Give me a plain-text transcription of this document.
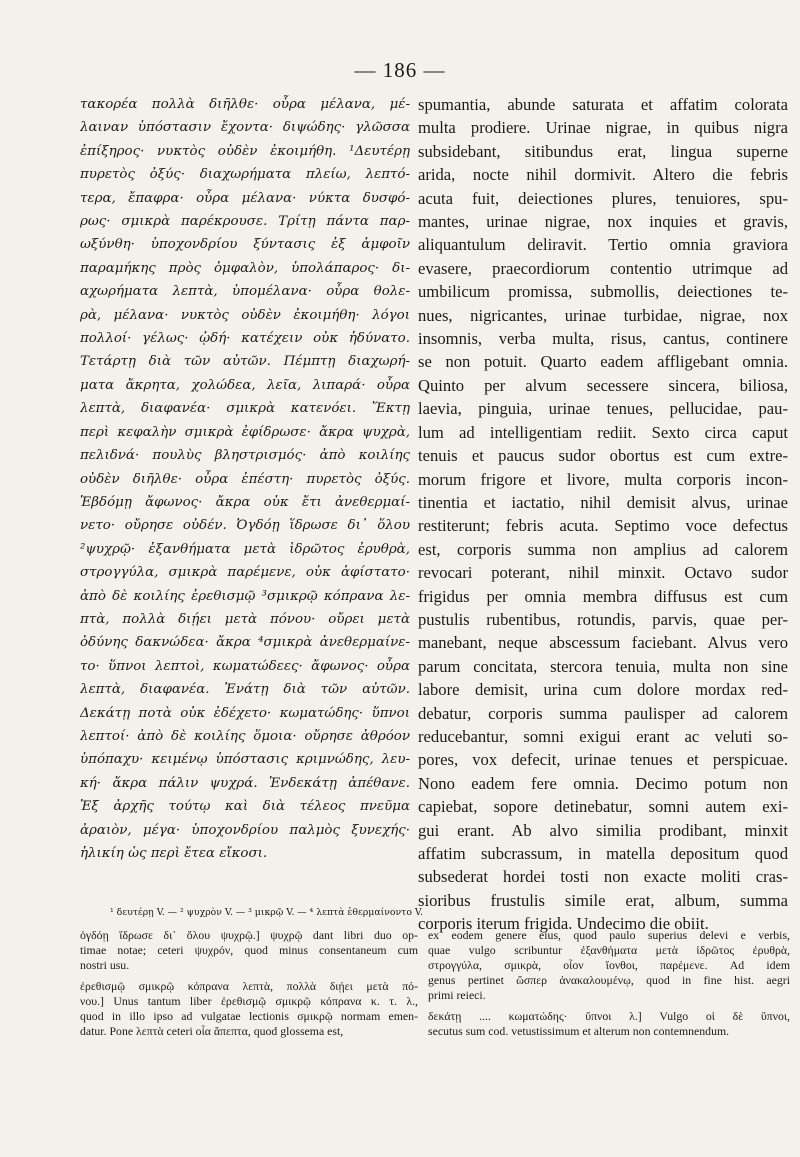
— 186 —
τακορέα πολλὰ διῆλθε· οὖρα μέλανα, μέ-
λαιναν ὑπόστασιν ἔχοντα· διψώδης· γλῶσσα
ἐπίξηρος· νυκτὸς οὐδὲν ἐκοιμήθη. ¹Δευτέρῃ
πυρετὸς ὀξύς· διαχωρήματα πλείω, λεπτό-
τερα, ἔπαφρα· οὖρα μέλανα· νύκτα δυσφό-
ρως· σμικρὰ παρέκρουσε. Τρίτῃ πάντα παρ-
ωξύνθη· ὑποχονδρίου ξύντασις ἐξ ἀμφοῖν
παραμήκης πρὸς ὀμφαλὸν, ὑπολάπαρος· δι-
αχωρήματα λεπτὰ, ὑπομέλανα· οὖρα θολε-
ρὰ, μέλανα· νυκτὸς οὐδὲν ἐκοιμήθη· λόγοι
πολλοί· γέλως· ᾠδή· κατέχειν οὐκ ἠδύνατο.
Τετάρτῃ διὰ τῶν αὐτῶν. Πέμπτῃ διαχωρή-
ματα ἄκρητα, χολώδεα, λεῖα, λιπαρά· οὖρα
λεπτὰ, διαφανέα· σμικρὰ κατενόει. Ἕκτῃ
περὶ κεφαλὴν σμικρὰ ἐφίδρωσε· ἄκρα ψυχρὰ,
πελιδνά· πουλὺς βληστρισμός· ἀπὸ κοιλίης
οὐδὲν διῆλθε· οὖρα ἐπέστη· πυρετὸς ὀξύς.
Ἑβδόμῃ ἄφωνος· ἄκρα οὐκ ἔτι ἀνεθερμαί-
νετο· οὔρησε οὐδέν. Ὀγδόῃ ἵδρωσε δι᾽ ὅλου
²ψυχρῷ· ἐξανθήματα μετὰ ἱδρῶτος ἐρυθρὰ,
στρογγύλα, σμικρὰ παρέμενε, οὐκ ἀφίστατο·
ἀπὸ δὲ κοιλίης ἐρεθισμῷ ³σμικρῷ κόπρανα λε-
πτὰ, πολλὰ διῄει μετὰ πόνου· οὔρει μετὰ
ὀδύνης δακνώδεα· ἄκρα ⁴σμικρὰ ἀνεθερμαίνε-
το· ὕπνοι λεπτοὶ, κωματώδεες· ἄφωνος· οὖρα
λεπτὰ, διαφανέα. Ἐνάτῃ διὰ τῶν αὐτῶν.
Δεκάτῃ ποτὰ οὐκ ἐδέχετο· κωματώδης· ὕπνοι
λεπτοί· ἀπὸ δὲ κοιλίης ὅμοια· οὔρησε ἀθρόον
ὑπόπαχυ· κειμένῳ ὑπόστασις κριμνώδης, λευ-
κή· ἄκρα πάλιν ψυχρά. Ἑνδεκάτῃ ἀπέθανε.
Ἐξ ἀρχῆς τούτῳ καὶ διὰ τέλεος πνεῦμα
ἀραιὸν, μέγα· ὑποχονδρίου παλμὸς ξυνεχής·
ἡλικίη ὡς περὶ ἔτεα εἴκοσι.
spumantia, abunde saturata et affatim colorata
multa prodiere. Urinae nigrae, in quibus nigra
subsidebant, sitibundus erat, lingua superne
arida, nocte nihil dormivit. Altero die febris
acuta fuit, deiectiones plures, tenuiores, spu-
mantes, urinae nigrae, nox inquies et gravis,
aliquantulum deliravit. Tertio omnia graviora
evasere, praecordiorum contentio utrimque ad
umbilicum promissa, submollis, deiectiones te-
nues, nigricantes, urinae turbidae, nigrae, nox
insomnis, verba multa, risus, cantus, continere
se non potuit. Quarto eadem affligebant omnia.
Quinto per alvum secessere sincera, biliosa,
laevia, pinguia, urinae tenues, pellucidae, pau-
lum ad intelligentiam rediit. Sexto circa caput
tenuis et paucus sudor obortus est cum extre-
morum frigore et livore, multa corporis incon-
tinentia et iactatio, nihil demisit alvus, urinae
restiterunt; febris acuta. Septimo voce defectus
est, corporis summa non amplius ad calorem
revocari poterant, nihil minxit. Octavo sudor
frigidus per omnia membra diffusus est cum
pustulis rubentibus, rotundis, parvis, quae per-
manebant, neque abscessum faciebant. Alvus vero
parum concitata, stercora tenuia, multa non sine
labore demisit, urina cum dolore mordax red-
debatur, corporis summa paulisper ad calorem
reducebantur, somni exigui erant ac veluti so-
pores, vox defecit, urinae tenues et perspicuae.
Nono eadem fere omnia. Decimo potum non
capiebat, sopore detinebatur, somni autem exi-
gui erant. Ab alvo similia prodibant, minxit
affatim subcrassum, in matella depositum quod
subsederat hordei tosti non exacte moliti cras-
sioribus frustulis simile erat, album, summa
corporis iterum frigida. Undecimo die obiit.
¹ δευτέρῃ V. — ² ψυχρὸν V. — ³ μικρῷ V. — ⁴ λεπτὰ ἐθερμαίνοντο V.
ὀγδόῃ ἵδρωσε δι᾽ ὅλου ψυχρῷ.] ψυχρῷ dant libri duo op-
timae notae; ceteri ψυχρόν, quod minus consentaneum cum
nostri usu.
ἐρεθισμῷ σμικρῷ κόπρανα λεπτὰ, πολλὰ διῄει μετὰ πό-
νου.] Unus tantum liber ἐρεθισμῷ σμικρῷ κόπρανα κ. τ. λ.,
quod in illo ipso ad vulgatae lectionis σμικρῷ normam emen-
datur. Pone λεπτὰ ceteri οἷα ἄπεπτα, quod glossema est,
ex eodem genere eius, quod paulo superius delevi e verbis,
quae vulgo scribuntur ἐξανθήματα μετὰ ἱδρῶτος ἐρυθρὰ,
στρογγύλα, σμικρὰ, οἷον ἴονθοι, παρέμενε. Ad idem
genus pertinet ὥσπερ ἀνακαλουμένῳ, quod in fine hist. aegri
primi reieci.
δεκάτῃ .... κωματώδης· ὕπνοι λ.] Vulgo οἱ δὲ ὕπνοι,
secutus sum cod. vetustissimum et alterum non contemnendum.
